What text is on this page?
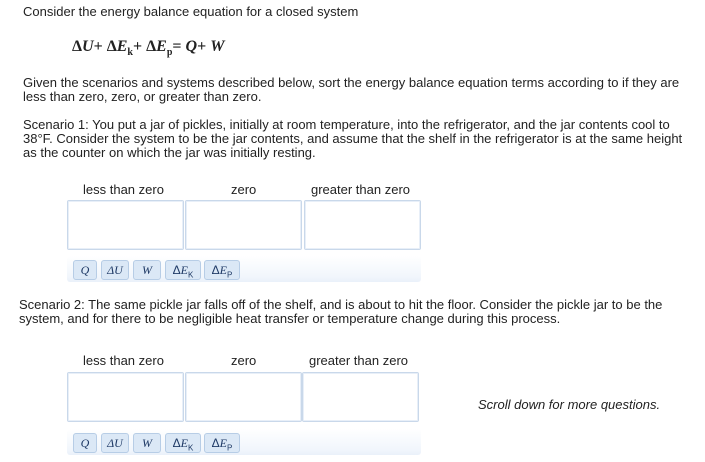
Consider the energy balance equation for a closed system
$\Delta U+ \Delta E_k+ \Delta E_p= Q+ W$
Given the scenarios and systems described below, sort the energy balance equation terms according to if they are less than zero, zero, or greater than zero.
Scenario 1: You put a jar of pickles, initially at room temperature, into the refrigerator, and the jar contents cool to 38°F. Consider the system to be the jar contents, and assume that the shelf in the refrigerator is at the same height as the counter on which the jar was initially resting.
less than zero	zero	greater than zero
Q	ΔU	W	$\Delta E_K$	$\Delta E_P$
Scenario 2: The same pickle jar falls off of the shelf, and is about to hit the floor. Consider the pickle jar to be the system, and for there to be negligible heat transfer or temperature change during this process.
less than zero	zero	greater than zero
Q	ΔU	W	$\Delta E_K$	$\Delta E_P$
Scroll down for more questions.
